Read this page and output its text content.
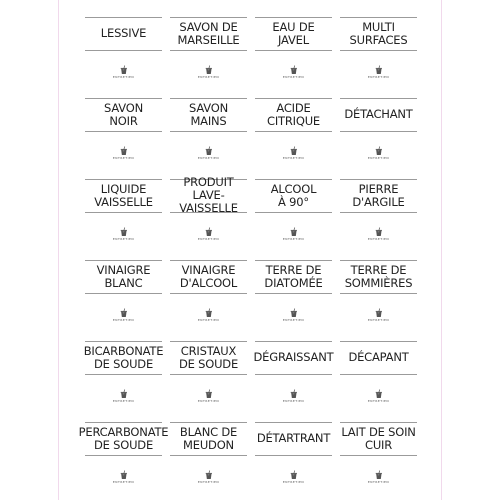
LESSIVE
ENTRETIEN
SAVON DE
MARSEILLE
ENTRETIEN
EAU DE
JAVEL
ENTRETIEN
MULTI
SURFACES
ENTRETIEN
SAVON
NOIR
ENTRETIEN
SAVON
MAINS
ENTRETIEN
ACIDE
CITRIQUE
ENTRETIEN
DÉTACHANT
ENTRETIEN
LIQUIDE
VAISSELLE
ENTRETIEN
PRODUIT
LAVE-VAISSELLE
ENTRETIEN
ALCOOL
À 90°
ENTRETIEN
PIERRE
D'ARGILE
ENTRETIEN
VINAIGRE
BLANC
ENTRETIEN
VINAIGRE
D'ALCOOL
ENTRETIEN
TERRE DE
DIATOMÉE
ENTRETIEN
TERRE DE
SOMMIÈRES
ENTRETIEN
BICARBONATE
DE SOUDE
ENTRETIEN
CRISTAUX
DE SOUDE
ENTRETIEN
DÉGRAISSANT
ENTRETIEN
DÉCAPANT
ENTRETIEN
PERCARBONATE
DE SOUDE
ENTRETIEN
BLANC DE
MEUDON
ENTRETIEN
DÉTARTRANT
ENTRETIEN
LAIT DE SOIN
CUIR
ENTRETIEN
